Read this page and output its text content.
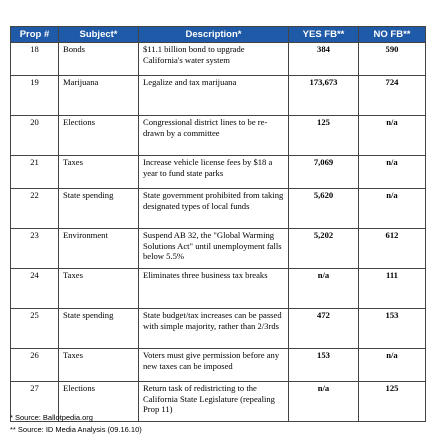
Prop #	Subject*	Description*	YES FB**	NO FB**
18	Bonds	$11.1 billion bond to upgrade California's water system	384	590
19	Marijuana	Legalize and tax marijuana	173,673	724
20	Elections	Congressional district lines to be re-drawn by a committee	125	n/a
21	Taxes	Increase vehicle license fees by $18 a year to fund state parks	7,069	n/a
22	State spending	State government prohibited from taking designated types of local funds	5,620	n/a
23	Environment	Suspend AB 32, the "Global Warming Solutions Act" until unemployment falls below 5.5%	5,202	612
24	Taxes	Eliminates three business tax breaks	n/a	111
25	State spending	State budget/tax increases can be passed with simple majority, rather than 2/3rds	472	153
26	Taxes	Voters must give permission before any new taxes can be imposed	153	n/a
27	Elections	Return task of redistricting to the California State Legislature (repealing Prop 11)	n/a	125
* Source: Ballotpedia.org
** Source: ID Media Analysis (09.16.10)
